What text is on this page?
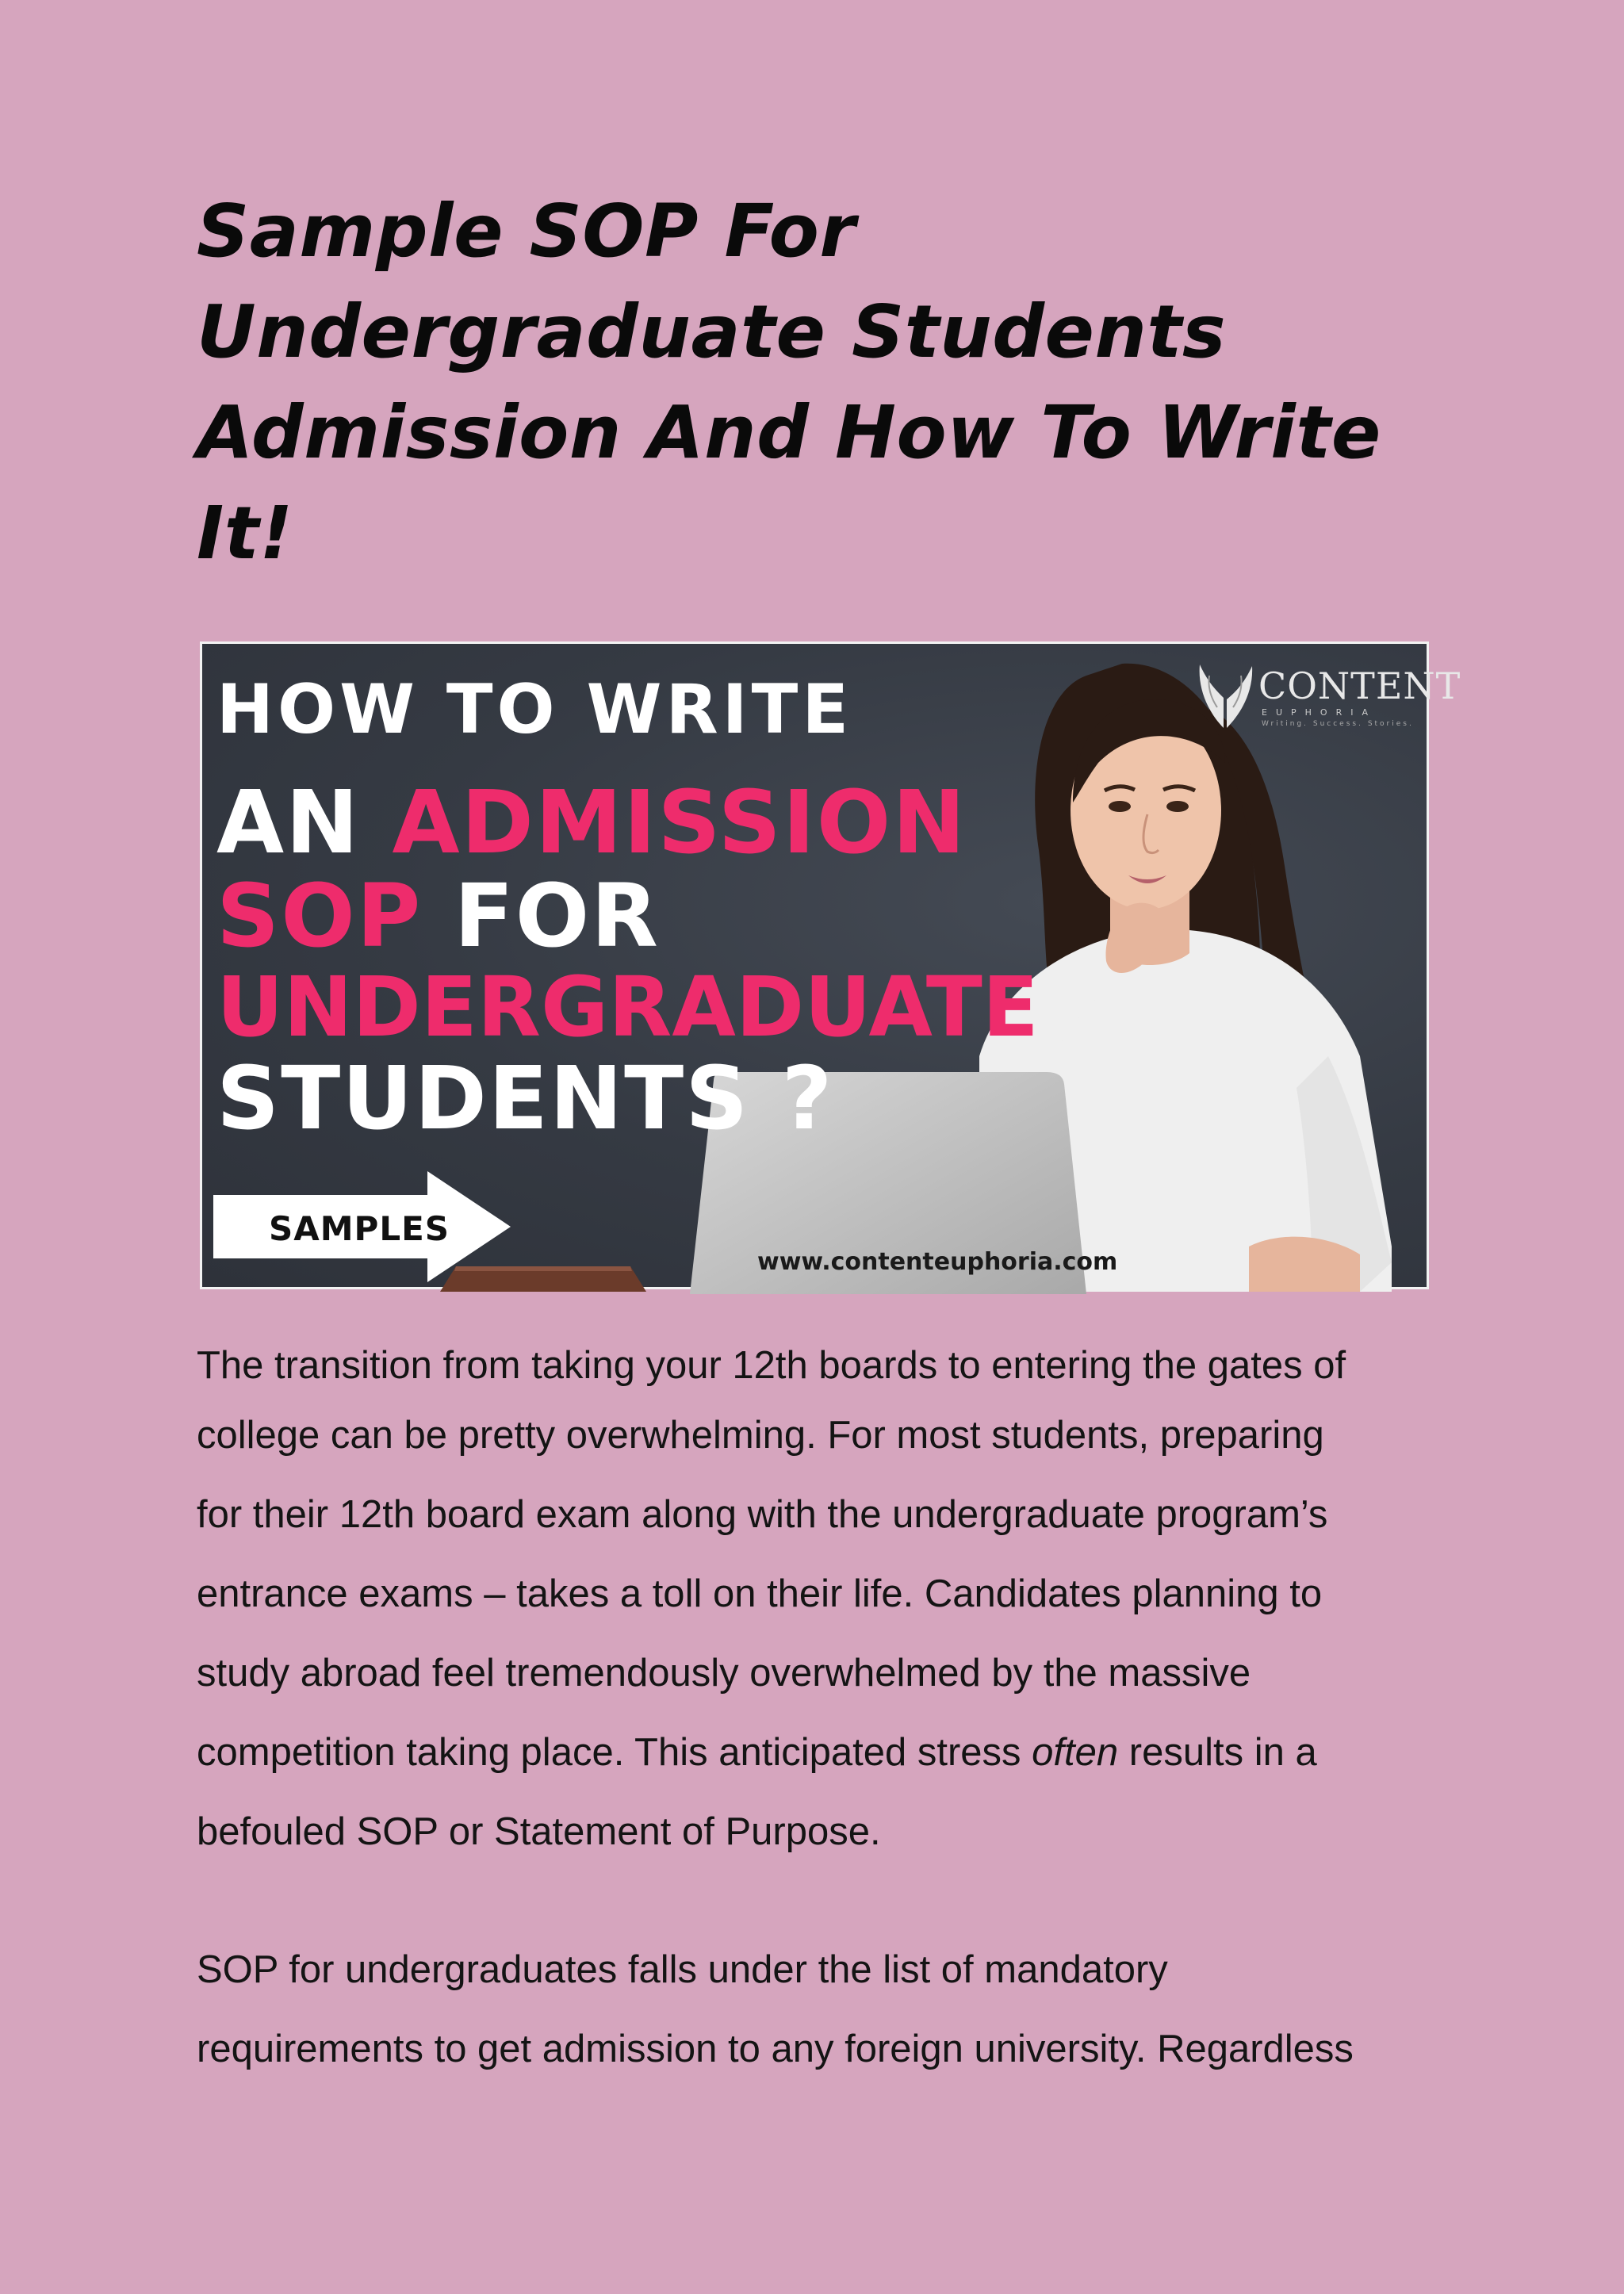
Sample SOP For
Undergraduate Students
Admission And How To Write
It!
HOW TO WRITE
AN ADMISSION
SOP FOR
UNDERGRADUATE
STUDENTS ?
SAMPLES
www.contenteuphoria.com
CONTENT
EUPHORIA
Writing. Success. Stories.

The transition from taking your 12th boards to entering the gates of
college can be pretty overwhelming. For most students, preparing
for their 12th board exam along with the undergraduate program’s
entrance exams – takes a toll on their life. Candidates planning to
study abroad feel tremendously overwhelmed by the massive
competition taking place. This anticipated stress often results in a
befouled SOP or Statement of Purpose.

SOP for undergraduates falls under the list of mandatory
requirements to get admission to any foreign university. Regardless
